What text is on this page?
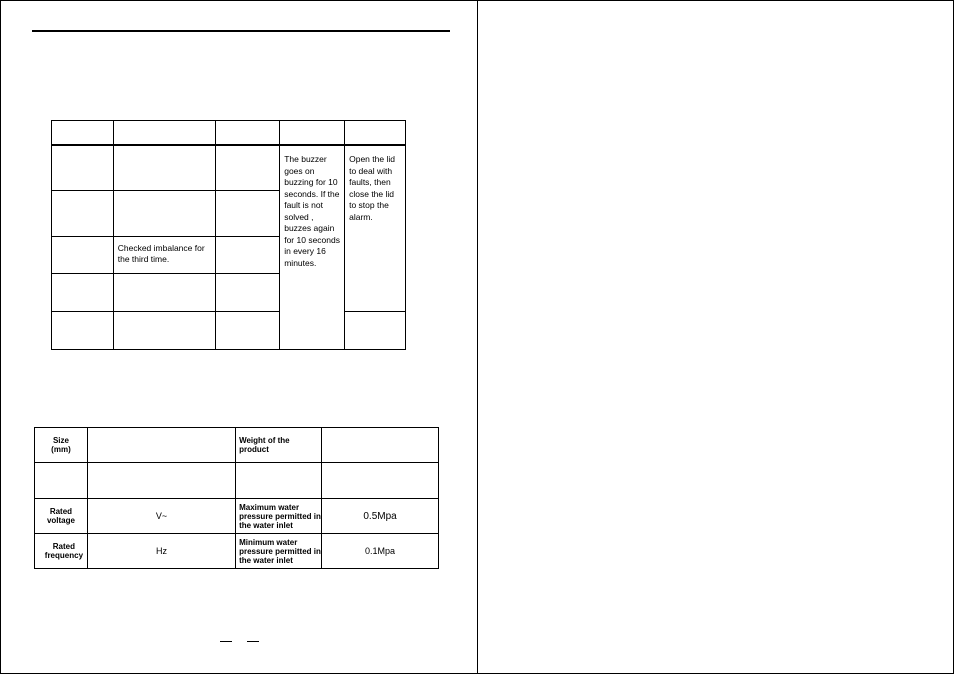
			The buzzer goes on buzzing for 10 seconds. If the fault is not solved , buzzes again for 10 seconds in every 16 minutes.	Open the lid to deal with faults, then close the lid to stop the alarm.

	Checked imbalance for the third time.			

Size (mm)		Weight of the product	

Rated voltage	V~	Maximum water pressure permitted in the water inlet	0.5Mpa

Rated frequency	Hz	Minimum water pressure permitted in the water inlet	0.1Mpa
